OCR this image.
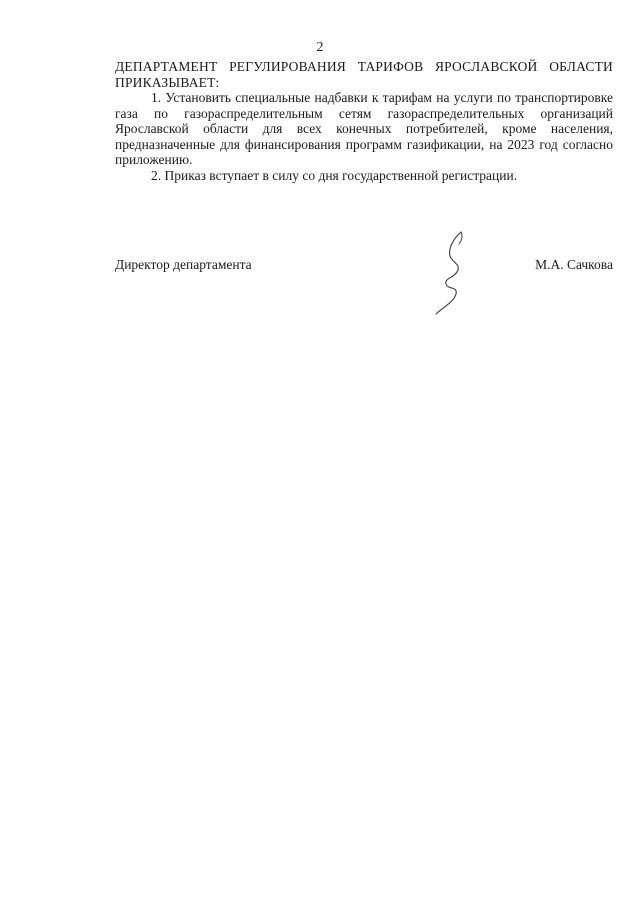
2
ДЕПАРТАМЕНТ РЕГУЛИРОВАНИЯ ТАРИФОВ ЯРОСЛАВСКОЙ ОБЛАСТИ ПРИКАЗЫВАЕТ:

1. Установить специальные надбавки к тарифам на услуги по транспортировке газа по газораспределительным сетям газораспределительных организаций Ярославской области для всех конечных потребителей, кроме населения, предназначенные для финансирования программ газификации, на 2023 год согласно приложению.

2. Приказ вступает в силу со дня государственной регистрации.

Директор департамента	М.А. Сачкова
